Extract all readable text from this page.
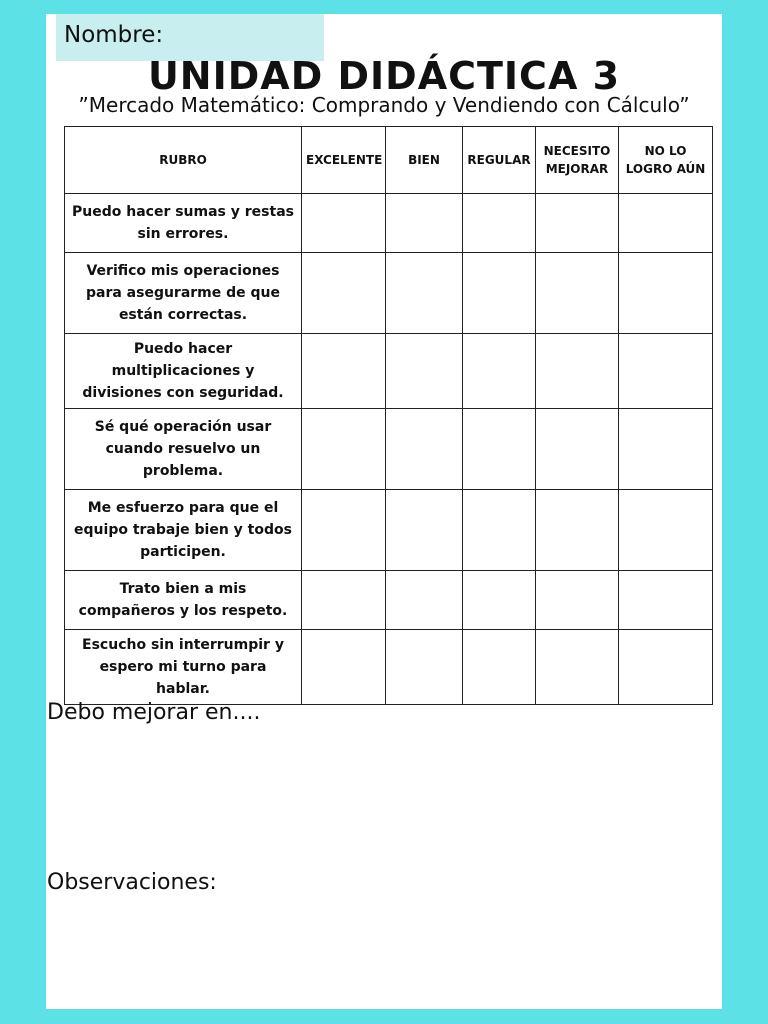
Nombre:
UNIDAD DIDÁCTICA 3
”Mercado Matemático: Comprando y Vendiendo con Cálculo”
RUBRO	EXCELENTE	BIEN	REGULAR	NECESITO MEJORAR	NO LO LOGRO AÚN
Puedo hacer sumas y restas sin errores.					
Verifico mis operaciones para asegurarme de que están correctas.					
Puedo hacer multiplicaciones y divisiones con seguridad.					
Sé qué operación usar cuando resuelvo un problema.					
Me esfuerzo para que el equipo trabaje bien y todos participen.					
Trato bien a mis compañeros y los respeto.					
Escucho sin interrumpir y espero mi turno para hablar.					
Debo mejorar en....
Observaciones:
